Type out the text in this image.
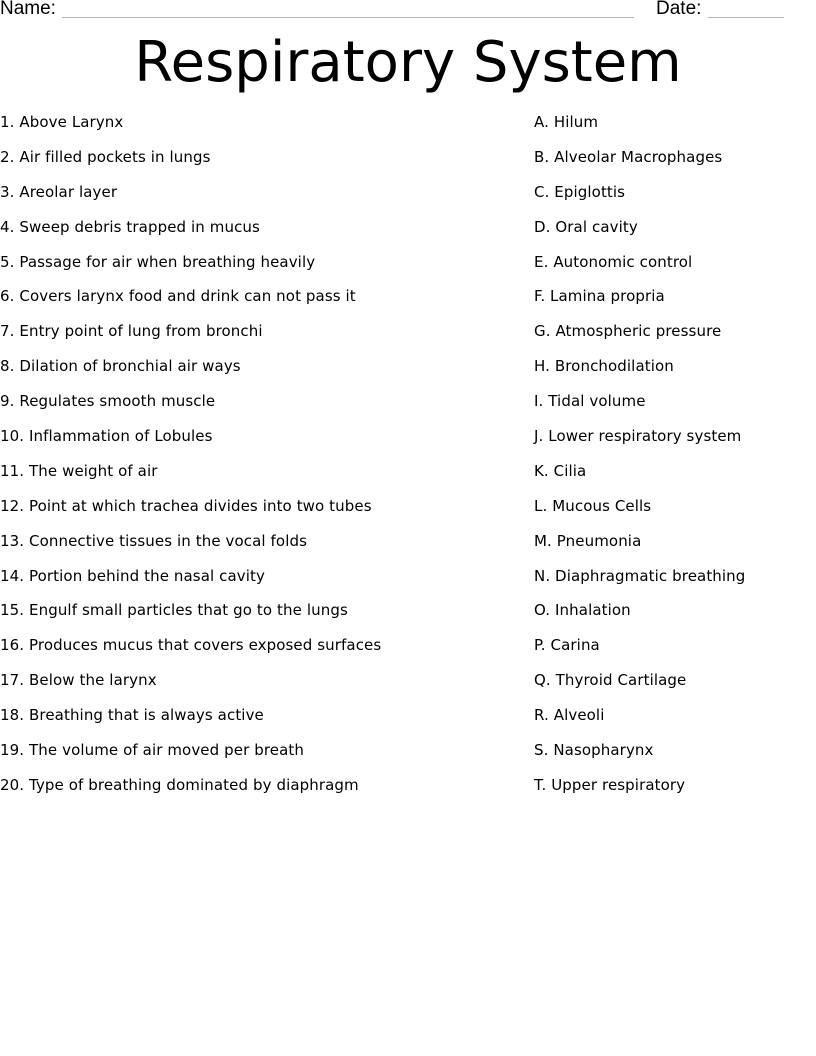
Name:	Date:
Respiratory System
1. Above Larynx
2. Air filled pockets in lungs
3. Areolar layer
4. Sweep debris trapped in mucus
5. Passage for air when breathing heavily
6. Covers larynx food and drink can not pass it
7. Entry point of lung from bronchi
8. Dilation of bronchial air ways
9. Regulates smooth muscle
10. Inflammation of Lobules
11. The weight of air
12. Point at which trachea divides into two tubes
13. Connective tissues in the vocal folds
14. Portion behind the nasal cavity
15. Engulf small particles that go to the lungs
16. Produces mucus that covers exposed surfaces
17. Below the larynx
18. Breathing that is always active
19. The volume of air moved per breath
20. Type of breathing dominated by diaphragm
A. Hilum
B. Alveolar Macrophages
C. Epiglottis
D. Oral cavity
E. Autonomic control
F. Lamina propria
G. Atmospheric pressure
H. Bronchodilation
I. Tidal volume
J. Lower respiratory system
K. Cilia
L. Mucous Cells
M. Pneumonia
N. Diaphragmatic breathing
O. Inhalation
P. Carina
Q. Thyroid Cartilage
R. Alveoli
S. Nasopharynx
T. Upper respiratory
